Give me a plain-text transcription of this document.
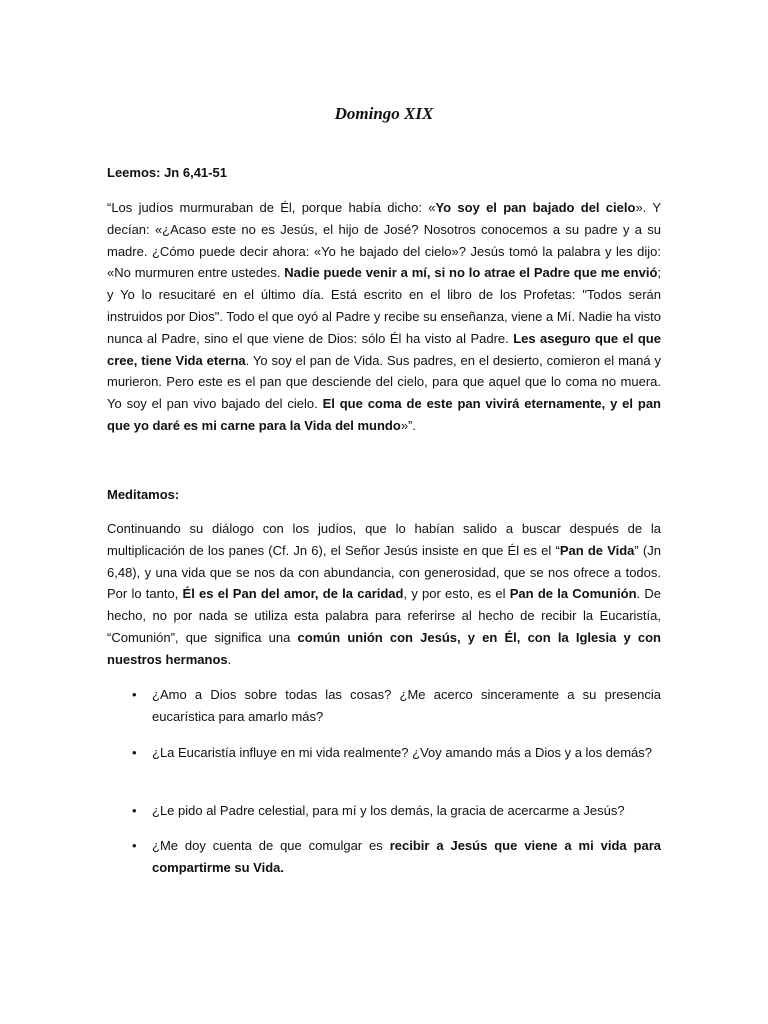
Domingo XIX
Leemos: Jn 6,41-51

“Los judíos murmuraban de Él, porque había dicho: «Yo soy el pan bajado del cielo». Y decían: «¿Acaso este no es Jesús, el hijo de José? Nosotros conocemos a su padre y a su madre. ¿Cómo puede decir ahora: «Yo he bajado del cielo»? Jesús tomó la palabra y les dijo: «No murmuren entre ustedes. Nadie puede venir a mí, si no lo atrae el Padre que me envió; y Yo lo resucitaré en el último día. Está escrito en el libro de los Profetas: "Todos serán instruidos por Dios". Todo el que oyó al Padre y recibe su enseñanza, viene a Mí. Nadie ha visto nunca al Padre, sino el que viene de Dios: sólo Él ha visto al Padre. Les aseguro que el que cree, tiene Vida eterna. Yo soy el pan de Vida. Sus padres, en el desierto, comieron el maná y murieron. Pero este es el pan que desciende del cielo, para que aquel que lo coma no muera. Yo soy el pan vivo bajado del cielo. El que coma de este pan vivirá eternamente, y el pan que yo daré es mi carne para la Vida del mundo»”.

Meditamos:

Continuando su diálogo con los judíos, que lo habían salido a buscar después de la multiplicación de los panes (Cf. Jn 6), el Señor Jesús insiste en que Él es el “Pan de Vida” (Jn 6,48), y una vida que se nos da con abundancia, con generosidad, que se nos ofrece a todos. Por lo tanto, Él es el Pan del amor, de la caridad, y por esto, es el Pan de la Comunión. De hecho, no por nada se utiliza esta palabra para referirse al hecho de recibir la Eucaristía, “Comunión”, que significa una común unión con Jesús, y en Él, con la Iglesia y con nuestros hermanos.

• ¿Amo a Dios sobre todas las cosas? ¿Me acerco sinceramente a su presencia eucarística para amarlo más?
• ¿La Eucaristía influye en mi vida realmente? ¿Voy amando más a Dios y a los demás?
• ¿Le pido al Padre celestial, para mí y los demás, la gracia de acercarme a Jesús?
• ¿Me doy cuenta de que comulgar es recibir a Jesús que viene a mi vida para compartirme su Vida.
